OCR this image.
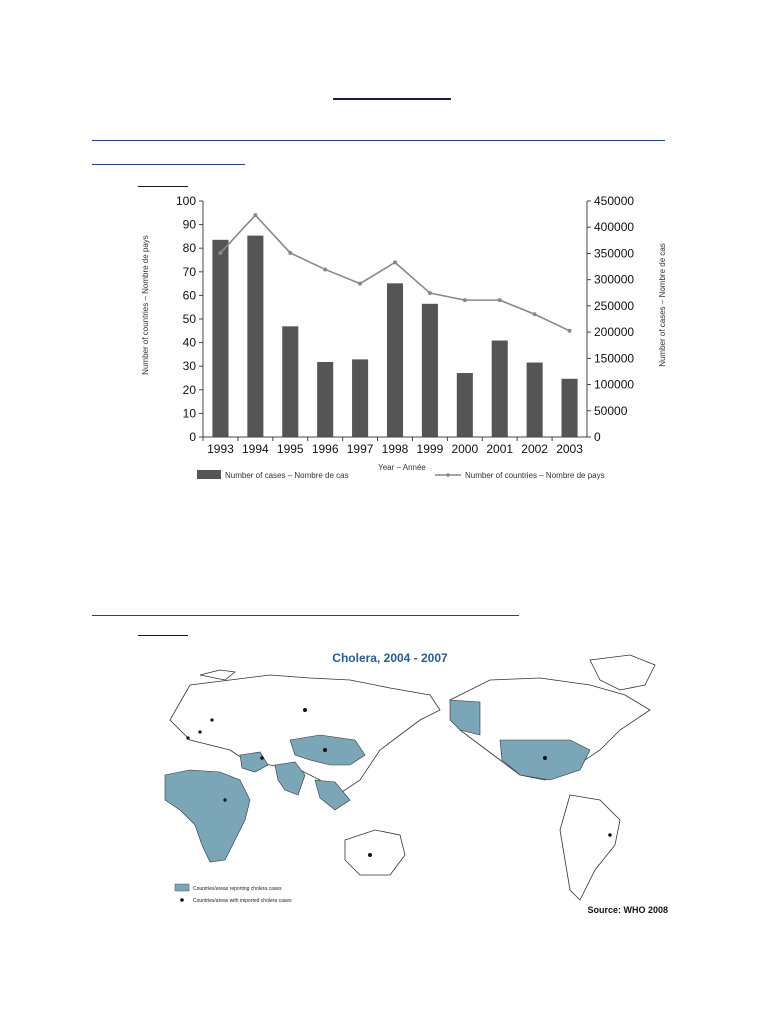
0
10
20
30
40
50
60
70
80
90
100
0
50000
100000
150000
200000
250000
300000
350000
400000
450000
1993 1994 1995 1996 1997 1998 1999 2000 2001 2002 2003
Number of countries – Nombre de pays	Number of cases – Nombre de cas
Year – Année
Number of cases – Nombre de cas	Number of countries – Nombre de pays
Cholera, 2004 - 2007
Countries/areas reporting cholera cases
Countries/areas with imported cholera cases
Source: WHO 2008
